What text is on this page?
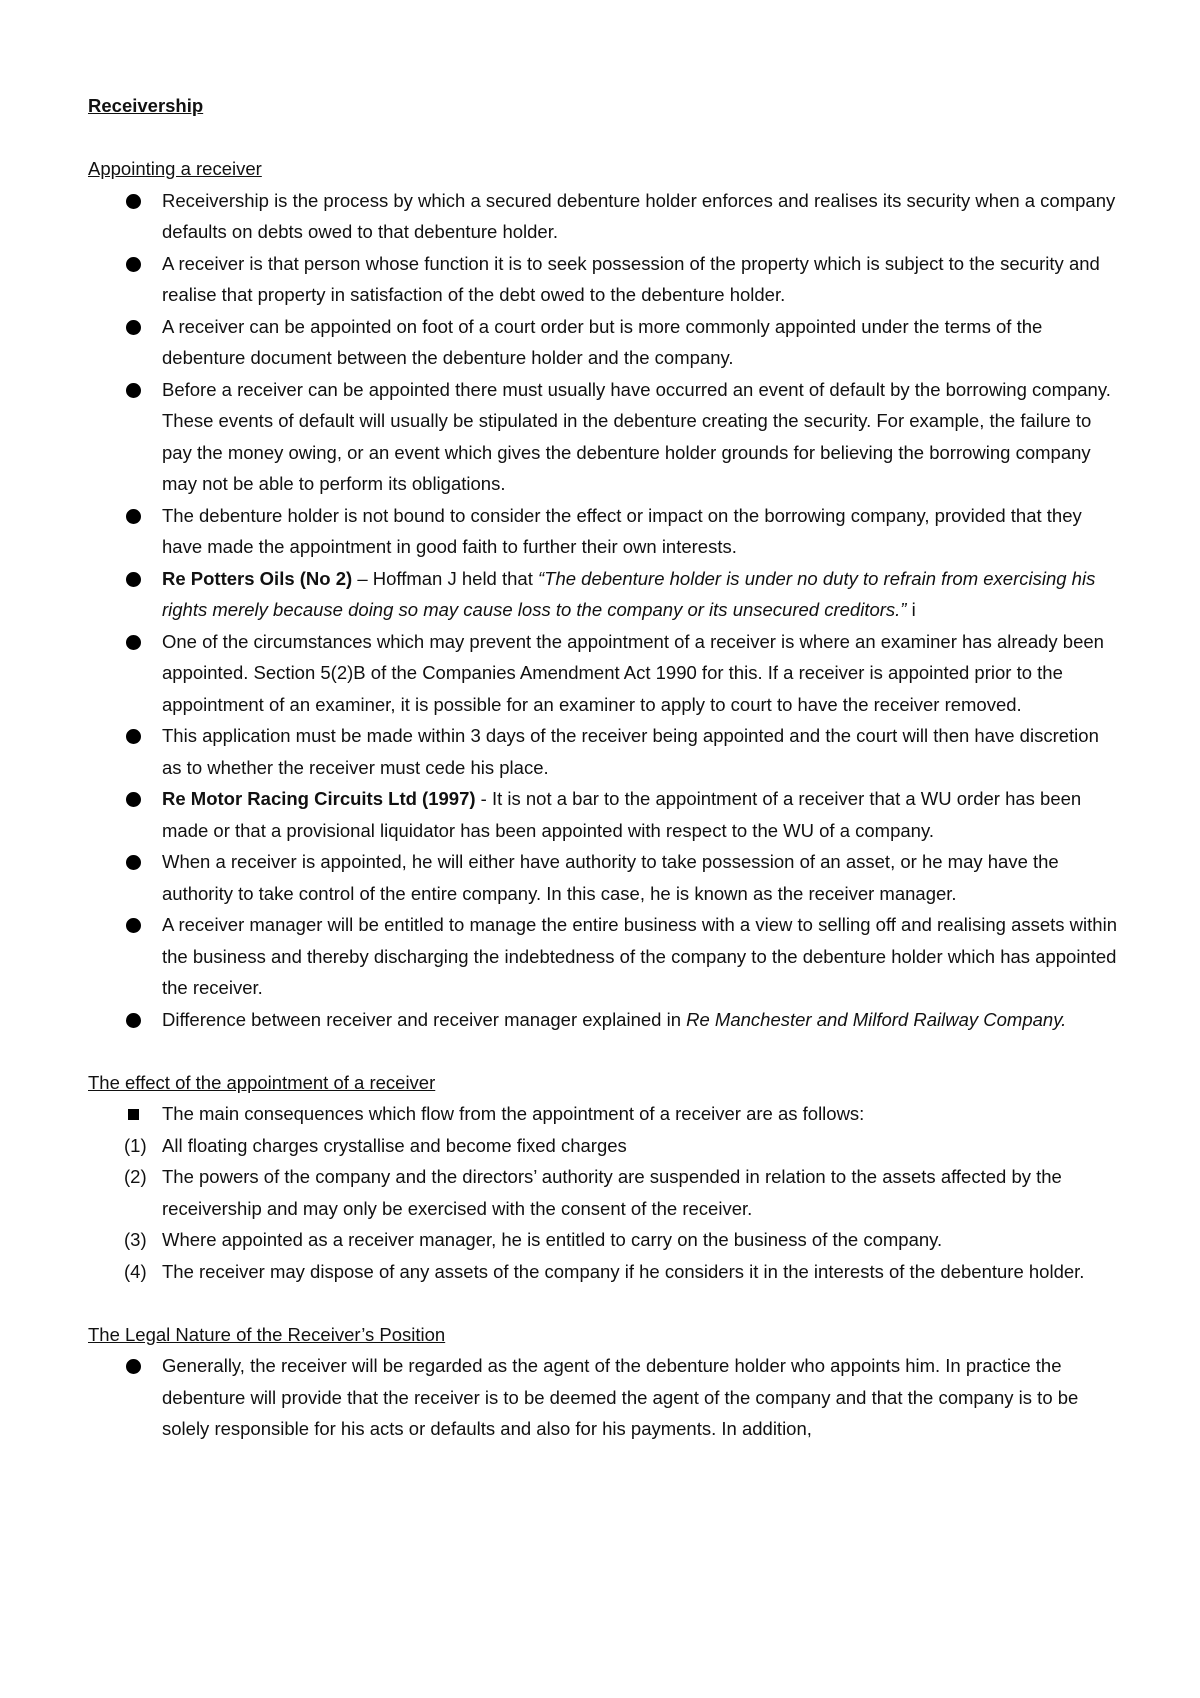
Receivership
Appointing a receiver
Receivership is the process by which a secured debenture holder enforces and realises its security when a company defaults on debts owed to that debenture holder.
A receiver is that person whose function it is to seek possession of the property which is subject to the security and realise that property in satisfaction of the debt owed to the debenture holder.
A receiver can be appointed on foot of a court order but is more commonly appointed under the terms of the debenture document between the debenture holder and the company.
Before a receiver can be appointed there must usually have occurred an event of default by the borrowing company. These events of default will usually be stipulated in the debenture creating the security. For example, the failure to pay the money owing, or an event which gives the debenture holder grounds for believing the borrowing company may not be able to perform its obligations.
The debenture holder is not bound to consider the effect or impact on the borrowing company, provided that they have made the appointment in good faith to further their own interests.
Re Potters Oils (No 2) – Hoffman J held that “The debenture holder is under no duty to refrain from exercising his rights merely because doing so may cause loss to the company or its unsecured creditors.” i
One of the circumstances which may prevent the appointment of a receiver is where an examiner has already been appointed. Section 5(2)B of the Companies Amendment Act 1990 for this. If a receiver is appointed prior to the appointment of an examiner, it is possible for an examiner to apply to court to have the receiver removed.
This application must be made within 3 days of the receiver being appointed and the court will then have discretion as to whether the receiver must cede his place.
Re Motor Racing Circuits Ltd (1997) - It is not a bar to the appointment of a receiver that a WU order has been made or that a provisional liquidator has been appointed with respect to the WU of a company.
When a receiver is appointed, he will either have authority to take possession of an asset, or he may have the authority to take control of the entire company. In this case, he is known as the receiver manager.
A receiver manager will be entitled to manage the entire business with a view to selling off and realising assets within the business and thereby discharging the indebtedness of the company to the debenture holder which has appointed the receiver.
Difference between receiver and receiver manager explained in Re Manchester and Milford Railway Company.
The effect of the appointment of a receiver
The main consequences which flow from the appointment of a receiver are as follows:
(1) All floating charges crystallise and become fixed charges
(2) The powers of the company and the directors’ authority are suspended in relation to the assets affected by the receivership and may only be exercised with the consent of the receiver.
(3) Where appointed as a receiver manager, he is entitled to carry on the business of the company.
(4) The receiver may dispose of any assets of the company if he considers it in the interests of the debenture holder.
The Legal Nature of the Receiver’s Position
Generally, the receiver will be regarded as the agent of the debenture holder who appoints him. In practice the debenture will provide that the receiver is to be deemed the agent of the company and that the company is to be solely responsible for his acts or defaults and also for his payments. In addition,
